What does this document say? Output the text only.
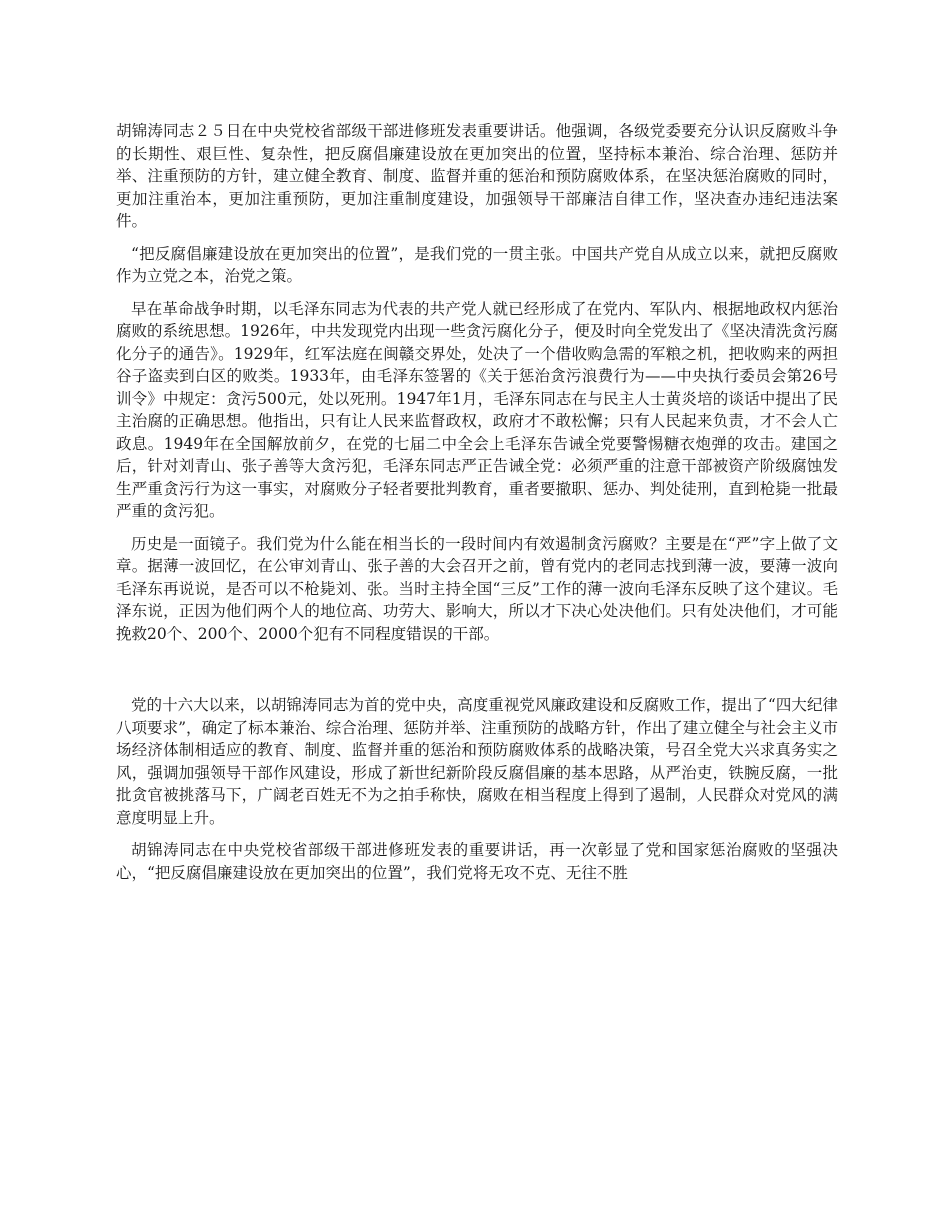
胡锦涛同志２５日在中央党校省部级干部进修班发表重要讲话。他强调，各级党委要充分认识反腐败斗争的长期性、艰巨性、复杂性，把反腐倡廉建设放在更加突出的位置，坚持标本兼治、综合治理、惩防并举、注重预防的方针，建立健全教育、制度、监督并重的惩治和预防腐败体系，在坚决惩治腐败的同时，更加注重治本，更加注重预防，更加注重制度建设，加强领导干部廉洁自律工作，坚决查办违纪违法案件。

“把反腐倡廉建设放在更加突出的位置”，是我们党的一贯主张。中国共产党自从成立以来，就把反腐败作为立党之本，治党之策。

早在革命战争时期，以毛泽东同志为代表的共产党人就已经形成了在党内、军队内、根据地政权内惩治腐败的系统思想。1926年，中共发现党内出现一些贪污腐化分子，便及时向全党发出了《坚决清洗贪污腐化分子的通告》。1929年，红军法庭在闽赣交界处，处决了一个借收购急需的军粮之机，把收购来的两担谷子盗卖到白区的败类。1933年，由毛泽东签署的《关于惩治贪污浪费行为——中央执行委员会第26号训令》中规定：贪污500元，处以死刑。1947年1月，毛泽东同志在与民主人士黄炎培的谈话中提出了民主治腐的正确思想。他指出，只有让人民来监督政权，政府才不敢松懈；只有人民起来负责，才不会人亡政息。1949年在全国解放前夕，在党的七届二中全会上毛泽东告诫全党要警惕糖衣炮弹的攻击。建国之后，针对刘青山、张子善等大贪污犯，毛泽东同志严正告诫全党：必须严重的注意干部被资产阶级腐蚀发生严重贪污行为这一事实，对腐败分子轻者要批判教育，重者要撤职、惩办、判处徒刑，直到枪毙一批最严重的贪污犯。

历史是一面镜子。我们党为什么能在相当长的一段时间内有效遏制贪污腐败？主要是在“严”字上做了文章。据薄一波回忆，在公审刘青山、张子善的大会召开之前，曾有党内的老同志找到薄一波，要薄一波向毛泽东再说说，是否可以不枪毙刘、张。当时主持全国“三反”工作的薄一波向毛泽东反映了这个建议。毛泽东说，正因为他们两个人的地位高、功劳大、影响大，所以才下决心处决他们。只有处决他们，才可能挽救20个、200个、2000个犯有不同程度错误的干部。

党的十六大以来，以胡锦涛同志为首的党中央，高度重视党风廉政建设和反腐败工作，提出了“四大纪律八项要求”，确定了标本兼治、综合治理、惩防并举、注重预防的战略方针，作出了建立健全与社会主义市场经济体制相适应的教育、制度、监督并重的惩治和预防腐败体系的战略决策，号召全党大兴求真务实之风，强调加强领导干部作风建设，形成了新世纪新阶段反腐倡廉的基本思路，从严治吏，铁腕反腐，一批批贪官被挑落马下，广阔老百姓无不为之拍手称快，腐败在相当程度上得到了遏制，人民群众对党风的满意度明显上升。

胡锦涛同志在中央党校省部级干部进修班发表的重要讲话，再一次彰显了党和国家惩治腐败的坚强决心，“把反腐倡廉建设放在更加突出的位置”，我们党将无攻不克、无往不胜
